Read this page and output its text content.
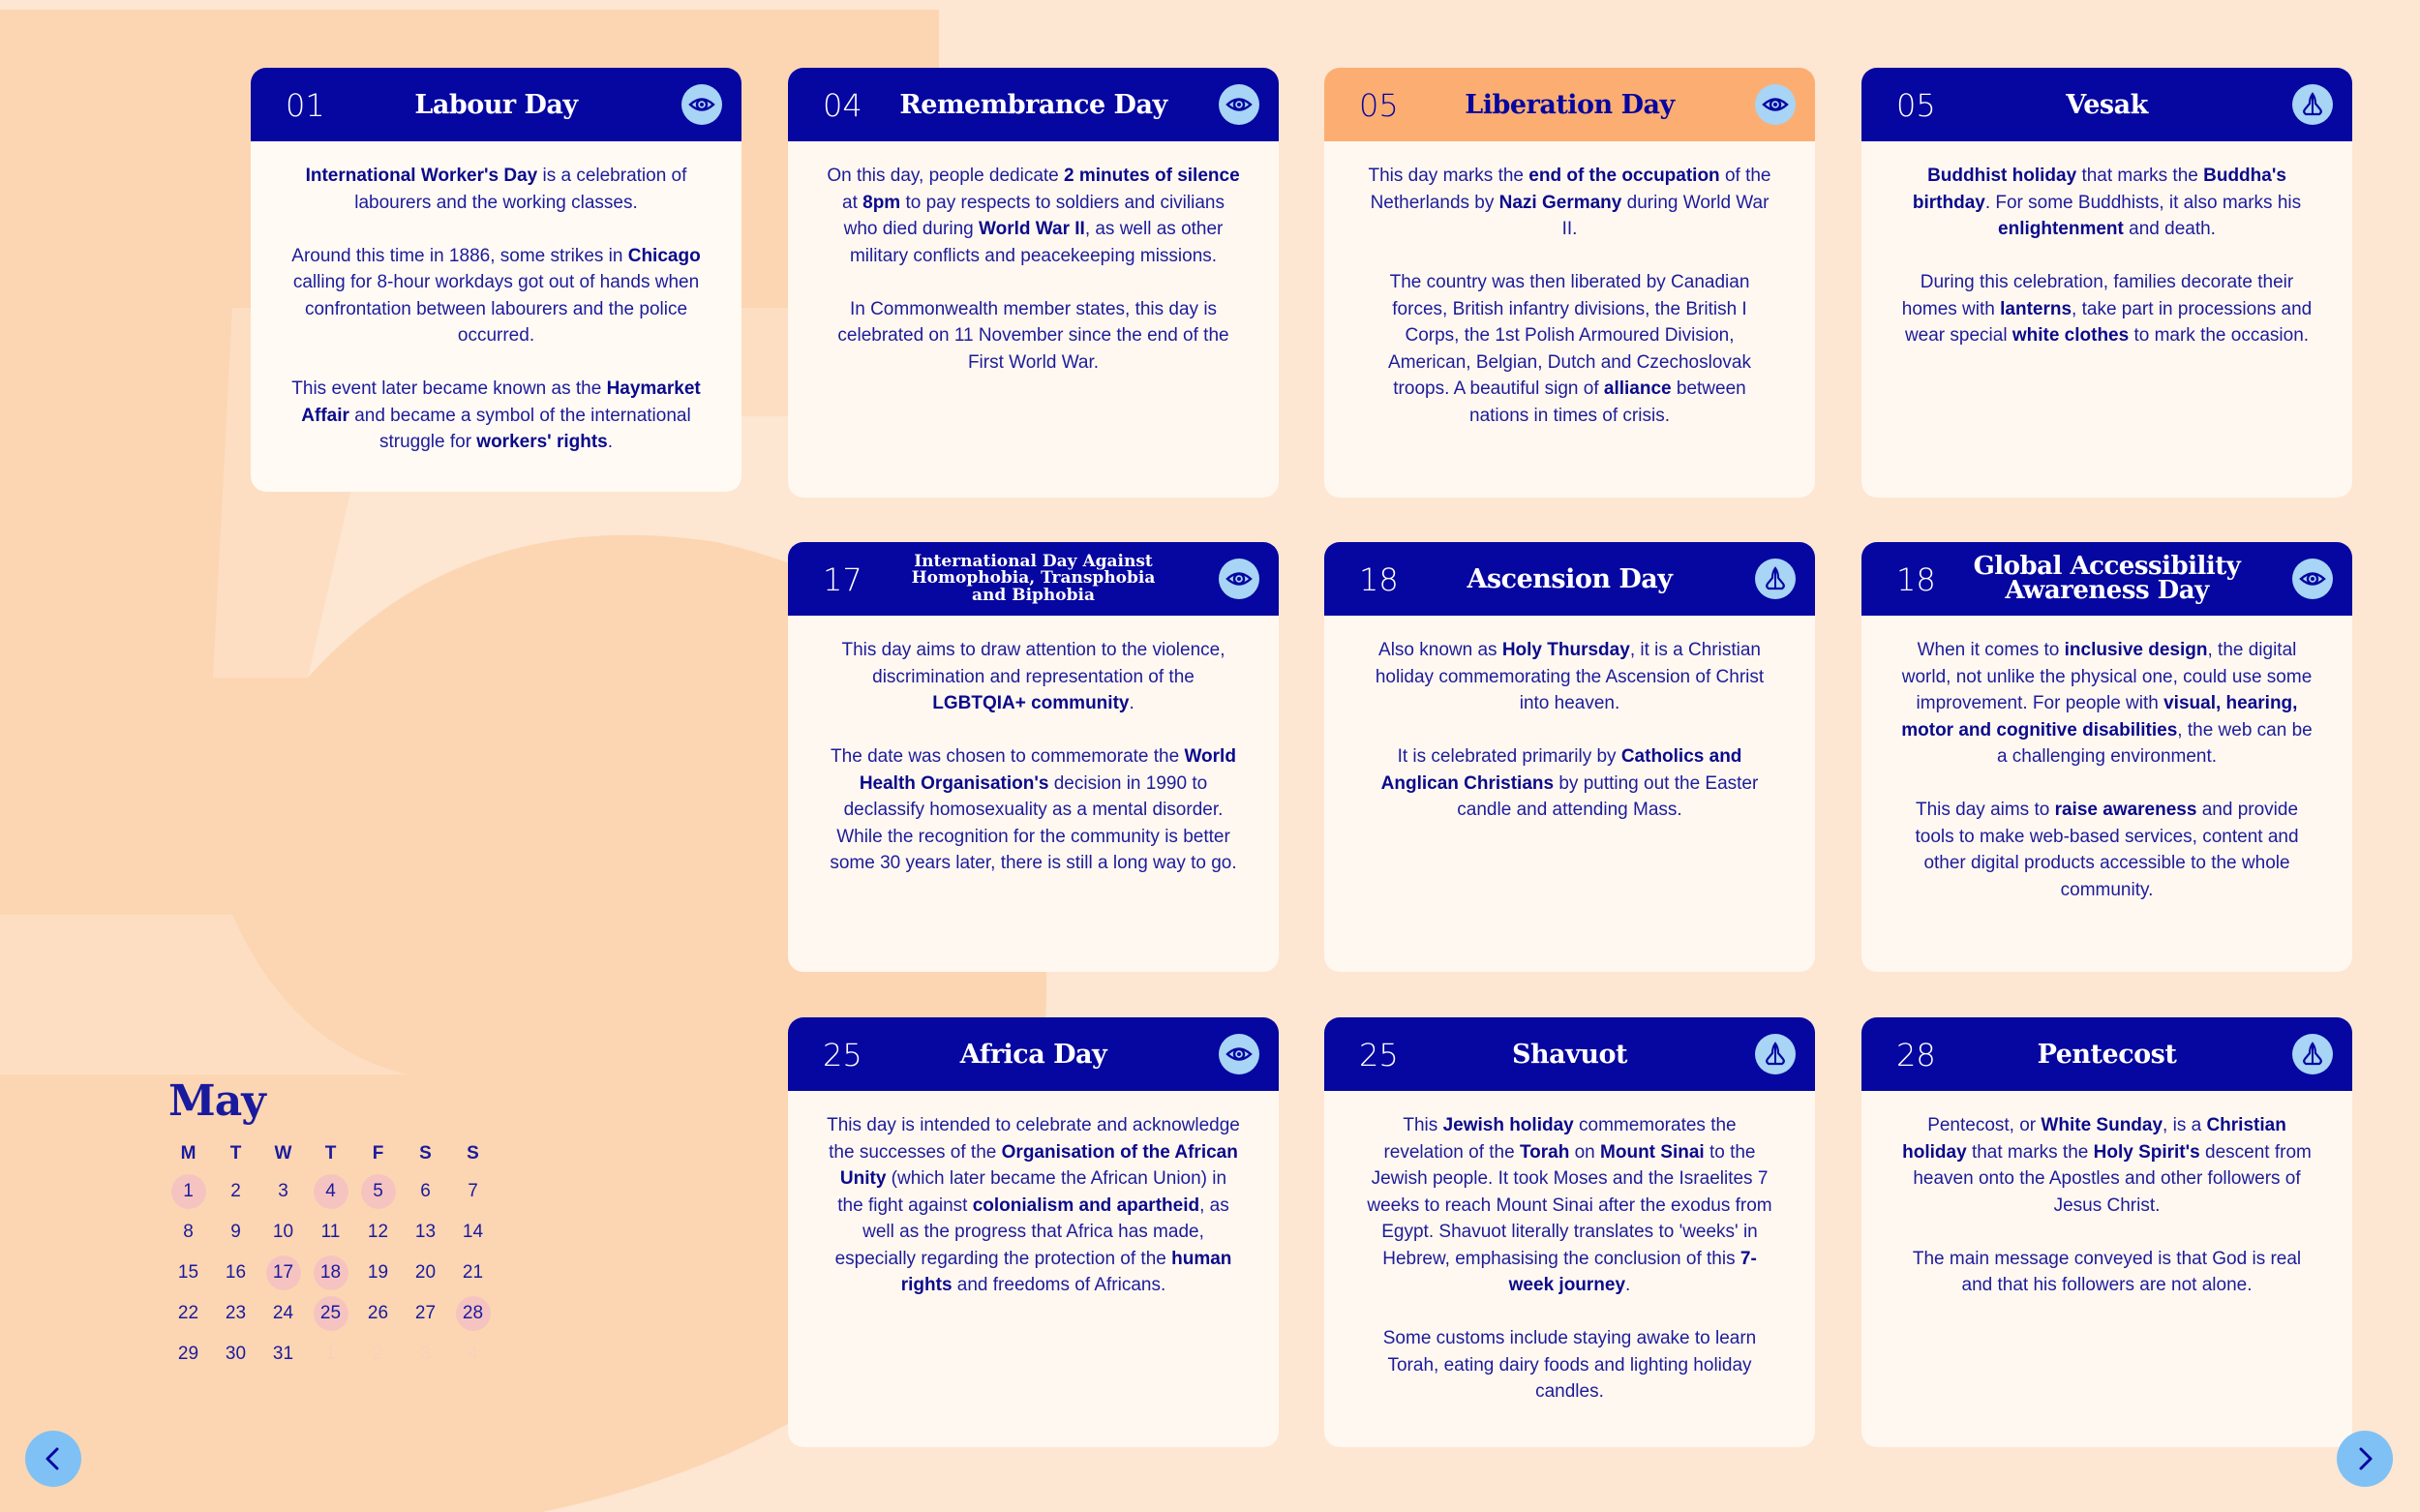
01	Labour Day

International Worker's Day is a celebration of labourers and the working classes.

Around this time in 1886, some strikes in Chicago calling for 8-hour workdays got out of hands when confrontation between labourers and the police occurred.

This event later became known as the Haymarket Affair and became a symbol of the international struggle for workers' rights.

04 Remembrance Day

On this day, people dedicate 2 minutes of silence at 8pm to pay respects to soldiers and civilians who died during World War II, as well as other military conflicts and peacekeeping missions.

In Commonwealth member states, this day is celebrated on 11 November since the end of the First World War.

05	Liberation Day

This day marks the end of the occupation of the Netherlands by Nazi Germany during World War II.

The country was then liberated by Canadian forces, British infantry divisions, the British I Corps, the 1st Polish Armoured Division, American, Belgian, Dutch and Czechoslovak troops. A beautiful sign of alliance between nations in times of crisis.

05	Vesak

Buddhist holiday that marks the Buddha's birthday. For some Buddhists, it also marks his enlightenment and death.

During this celebration, families decorate their homes with lanterns, take part in processions and wear special white clothes to mark the occasion.

17	International Day Against Homophobia, Transphobia and Biphobia

This day aims to draw attention to the violence, discrimination and representation of the LGBTQIA+ community.

The date was chosen to commemorate the World Health Organisation's decision in 1990 to declassify homosexuality as a mental disorder. While the recognition for the community is better some 30 years later, there is still a long way to go.

18	Ascension Day

Also known as Holy Thursday, it is a Christian holiday commemorating the Ascension of Christ into heaven.

It is celebrated primarily by Catholics and Anglican Christians by putting out the Easter candle and attending Mass.

18	Global Accessibility Awareness Day

When it comes to inclusive design, the digital world, not unlike the physical one, could use some improvement. For people with visual, hearing, motor and cognitive disabilities, the web can be a challenging environment.

This day aims to raise awareness and provide tools to make web-based services, content and other digital products accessible to the whole community.

25	Africa Day

This day is intended to celebrate and acknowledge the successes of the Organisation of the African Unity (which later became the African Union) in the fight against colonialism and apartheid, as well as the progress that Africa has made, especially regarding the protection of the human rights and freedoms of Africans.

25	Shavuot

This Jewish holiday commemorates the revelation of the Torah on Mount Sinai to the Jewish people. It took Moses and the Israelites 7 weeks to reach Mount Sinai after the exodus from Egypt. Shavuot literally translates to 'weeks' in Hebrew, emphasising the conclusion of this 7-week journey.

Some customs include staying awake to learn Torah, eating dairy foods and lighting holiday candles.

28	Pentecost

Pentecost, or White Sunday, is a Christian holiday that marks the Holy Spirit's descent from heaven onto the Apostles and other followers of Jesus Christ.

The main message conveyed is that God is real and that his followers are not alone.

May
M	T	W	T	F	S	S
1	2	3	4	5	6	7
8	9	10	11	12	13	14
15	16	17	18	19	20	21
22	23	24	25	26	27	28
29	30	31	1	2	3	4
